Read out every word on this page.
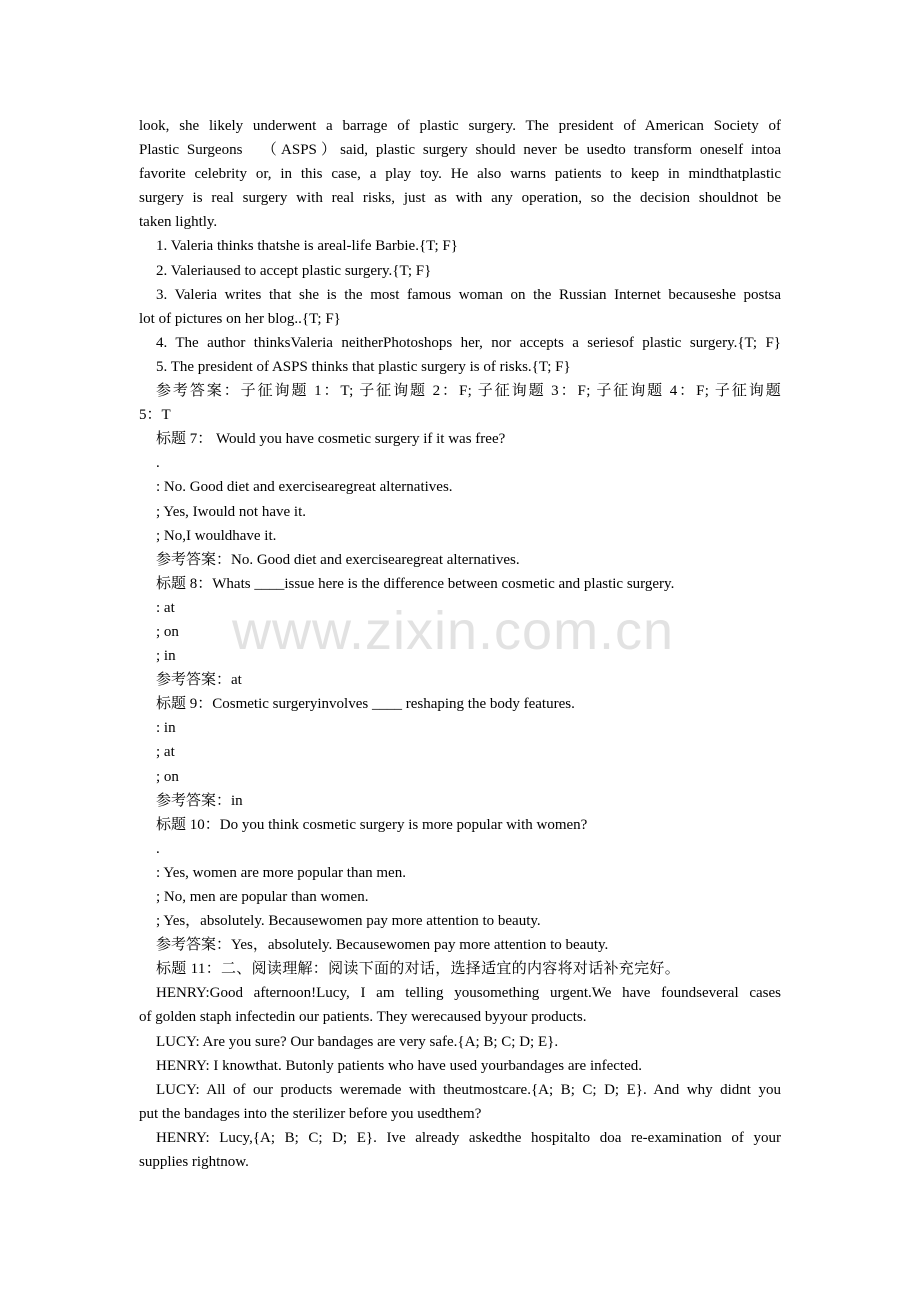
look, she likely underwent a barrage of plastic surgery. The president of American Society of
Plastic Surgeons 　（ASPS）said, plastic surgery should never be usedto transform oneself intoa
favorite celebrity or, in this case, a play toy. He also warns patients to keep in mindthatplastic
surgery is real surgery with real risks, just as with any operation, so the decision shouldnot be
taken lightly.
1. Valeria thinks thatshe is areal-life Barbie.{T; F}
2. Valeriaused to accept plastic surgery.{T; F}
3. Valeria writes that she is the most famous woman on the Russian Internet becauseshe postsa
lot of pictures on her blog..{T; F}
4. The author thinksValeria neitherPhotoshops her, nor accepts a seriesof plastic surgery.{T; F}
5. The president of ASPS thinks that plastic surgery is of risks.{T; F}
参考答案：子征询题 1：T; 子征询题 2：F; 子征询题 3：F; 子征询题 4：F; 子征询题
5：T
标题 7： Would you have cosmetic surgery if it was free?
.
: No. Good diet and exercisearegreat alternatives.
; Yes, Iwould not have it.
; No,I wouldhave it.
参考答案：No. Good diet and exercisearegreat alternatives.
标题 8：Whats ____issue here is the difference between cosmetic and plastic surgery.
: at
; on
; in
参考答案：at
标题 9：Cosmetic surgeryinvolves ____ reshaping the body features.
: in
; at
; on
参考答案：in
标题 10：Do you think cosmetic surgery is more popular with women?
.
: Yes, women are more popular than men.
; No, men are popular than women.
; Yes，absolutely. Becausewomen pay more attention to beauty.
参考答案：Yes，absolutely. Becausewomen pay more attention to beauty.
标题 11：二、阅读理解：阅读下面的对话，选择适宜的内容将对话补充完好。
HENRY:Good afternoon!Lucy, I am telling yousomething urgent.We have foundseveral cases
of golden staph infectedin our patients. They werecaused byyour products.
LUCY: Are you sure? Our bandages are very safe.{A; B; C; D; E}.
HENRY: I knowthat. Butonly patients who have used yourbandages are infected.
LUCY: All of our products weremade with theutmostcare.{A; B; C; D; E}. And why didnt you
put the bandages into the sterilizer before you usedthem?
HENRY: Lucy,{A; B; C; D; E}. Ive already askedthe hospitalto doa re-examination of your
supplies rightnow.
www.zixin.com.cn
